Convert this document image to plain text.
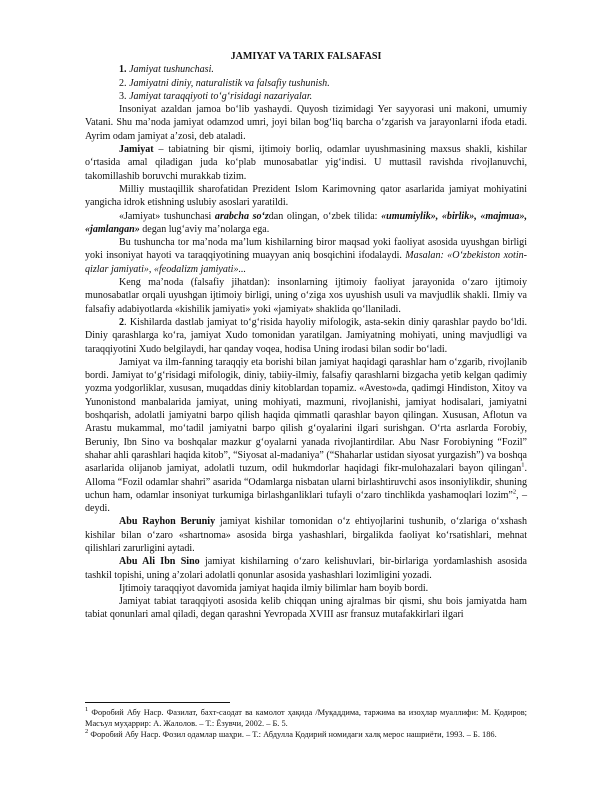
JAMIYAT VA TARIX FALSAFASI
1. Jamiyat tushunchasi.
2. Jamiyatni diniy, naturalistik va falsafiy tushunish.
3. Jamiyat taraqqiyoti to‘g‘risidagi nazariyalar.

Insoniyat azaldan jamoa bo‘lib yashaydi. Quyosh tizimidagi Yer sayyorasi uni makoni, umumiy Vatani. Shu ma’noda jamiyat odamzod umri, joyi bilan bog‘liq barcha o‘zgarish va jarayonlarni ifoda etadi. Ayrim odam jamiyat a’zosi, deb ataladi.

Jamiyat – tabiatning bir qismi, ijtimoiy borliq, odamlar uyushmasining maxsus shakli, kishilar o‘rtasida amal qiladigan juda ko‘plab munosabatlar yig‘indisi. U muttasil ravishda rivojlanuvchi, takomillashib boruvchi murakkab tizim.

Milliy mustaqillik sharofatidan Prezident Islom Karimovning qator asarlarida jamiyat mohiyatini yangicha idrok etishning uslubiy asoslari yaratildi.

«Jamiyat» tushunchasi arabcha so‘zdan olingan, o‘zbek tilida: «umumiylik», «birlik», «majmua», «jamlangan» degan lug‘aviy ma’nolarga ega.

Bu tushuncha tor ma’noda ma’lum kishilarning biror maqsad yoki faoliyat asosida uyushgan birligi yoki insoniyat hayoti va taraqqiyotining muayyan aniq bosqichini ifodalaydi. Masalan: «O‘zbekiston xotin-qizlar jamiyati», «feodalizm jamiyati»...

Keng ma’noda (falsafiy jihatdan): insonlarning ijtimoiy faoliyat jarayonida o‘zaro ijtimoiy munosabatlar orqali uyushgan ijtimoiy birligi, uning o‘ziga xos uyushish usuli va mavjudlik shakli. Ilmiy va falsafiy adabiyotlarda «kishilik jamiyati» yoki «jamiyat» shaklida qo‘llaniladi.

2. Kishilarda dastlab jamiyat to‘g‘risida hayoliy mifologik, asta-sekin diniy qarashlar paydo bo‘ldi. Diniy qarashlarga ko‘ra, jamiyat Xudo tomonidan yaratilgan. Jamiyatning mohiyati, uning mavjudligi va taraqqiyotini Xudo belgilaydi, har qanday voqea, hodisa Uning irodasi bilan sodir bo‘ladi.

Jamiyat va ilm-fanning taraqqiy eta borishi bilan jamiyat haqidagi qarashlar ham o‘zgarib, rivojlanib bordi. Jamiyat to‘g‘risidagi mifologik, diniy, tabiiy-ilmiy, falsafiy qarashlarni bizgacha yetib kelgan qadimiy yozma yodgorliklar, xususan, muqaddas diniy kitoblardan topamiz. «Avesto»da, qadimgi Hindiston, Xitoy va Yunonistond manbalarida jamiyat, uning mohiyati, mazmuni, rivojlanishi, jamiyat hodisalari, jamiyatni boshqarish, adolatli jamiyatni barpo qilish haqida qimmatli qarashlar bayon qilingan. Xususan, Aflotun va Arastu mukammal, mo‘tadil jamiyatni barpo qilish g‘oyalarini ilgari surishgan. O‘rta asrlarda Forobiy, Beruniy, Ibn Sino va boshqalar mazkur g‘oyalarni yanada rivojlantirdilar. Abu Nasr Forobiyning “Fozil” shahar ahli qarashlari haqida kitob”, “Siyosat al-madaniya” (“Shaharlar ustidan siyosat yurgazish”) va boshqa asarlarida olijanob jamiyat, adolatli tuzum, odil hukmdorlar haqidagi fikr-mulohazalari bayon qilingan$^1$. Alloma “Fozil odamlar shahri” asarida “Odamlarga nisbatan ularni birlashtiruvchi asos insoniylikdir, shuning uchun ham, odamlar insoniyat turkumiga birlashganliklari tufayli o‘zaro tinchlikda yashamoqlari lozim”$^2$, – deydi.

Abu Rayhon Beruniy jamiyat kishilar tomonidan o‘z ehtiyojlarini tushunib, o‘zlariga o‘xshash kishilar bilan o‘zaro «shartnoma» asosida birga yashashlari, birgalikda faoliyat ko‘rsatishlari, mehnat qilishlari zarurligini aytadi.

Abu Ali Ibn Sino jamiyat kishilarning o‘zaro kelishuvlari, bir-birlariga yordamlashish asosida tashkil topishi, uning a’zolari adolatli qonunlar asosida yashashlari lozimligini yozadi.

Ijtimoiy taraqqiyot davomida jamiyat haqida ilmiy bilimlar ham boyib bordi.

Jamiyat tabiat taraqqiyoti asosida kelib chiqqan uning ajralmas bir qismi, shu bois jamiyatda ham tabiat qonunlari amal qiladi, degan qarashni Yevropada XVIII asr fransuz mutafakkirlari ilgari

$^1$ Форобий Абу Наср. Фазилат, бахт-саодат ва камолот ҳақида /Муқаддима, таржима ва изоҳлар муаллифи: М. Қодиров; Масъул муҳаррир: А. Жалолов. – Т.: Ёзувчи, 2002. – Б. 5.

$^2$ Форобий Абу Наср. Фозил одамлар шаҳри. – Т.: Абдулла Қодирий номидаги халқ мерос нашриёти, 1993. – Б. 186.
